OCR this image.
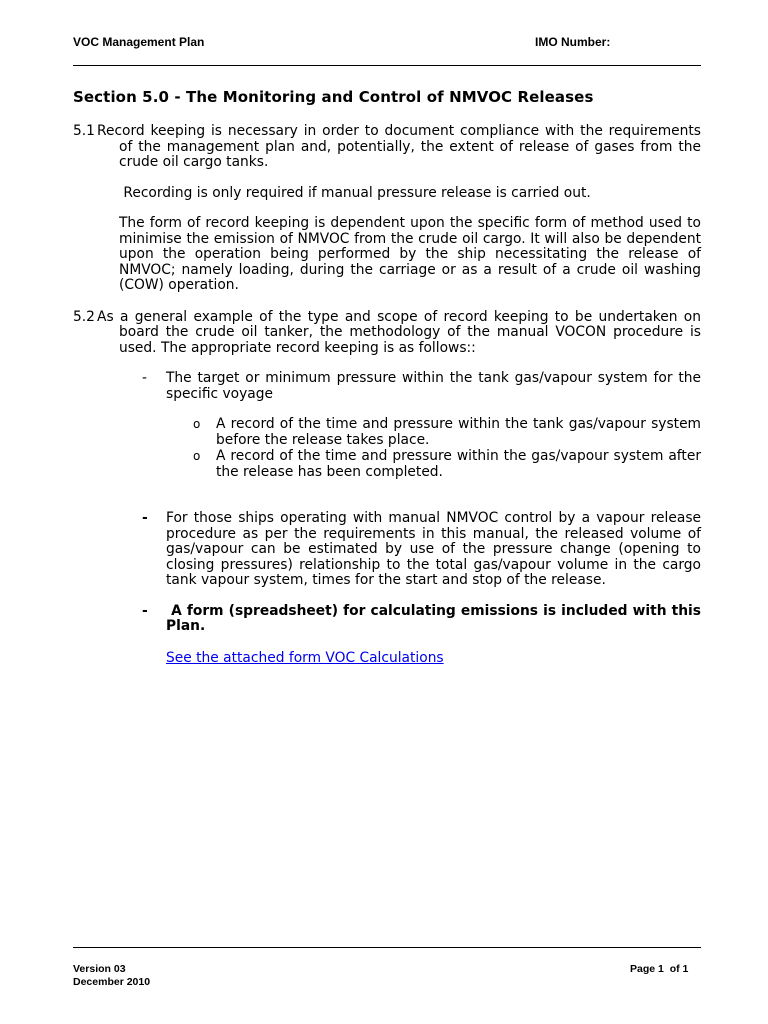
VOC Management Plan	IMO Number:
Section 5.0 - The Monitoring and Control of NMVOC Releases
5.1 Record keeping is necessary in order to document compliance with the requirements of the management plan and, potentially, the extent of release of gases from the crude oil cargo tanks.

Recording is only required if manual pressure release is carried out.

The form of record keeping is dependent upon the specific form of method used to minimise the emission of NMVOC from the crude oil cargo. It will also be dependent upon the operation being performed by the ship necessitating the release of NMVOC; namely loading, during the carriage or as a result of a crude oil washing (COW) operation.

5.2 As a general example of the type and scope of record keeping to be undertaken on board the crude oil tanker, the methodology of the manual VOCON procedure is used. The appropriate record keeping is as follows::
- The target or minimum pressure within the tank gas/vapour system for the specific voyage
o A record of the time and pressure within the tank gas/vapour system before the release takes place.
o A record of the time and pressure within the gas/vapour system after the release has been completed.
- For those ships operating with manual NMVOC control by a vapour release procedure as per the requirements in this manual, the released volume of gas/vapour can be estimated by use of the pressure change (opening to closing pressures) relationship to the total gas/vapour volume in the cargo tank vapour system, times for the start and stop of the release.
- A form (spreadsheet) for calculating emissions is included with this Plan.
See the attached form VOC Calculations
Version 03
December 2010
Page 1  of 1
